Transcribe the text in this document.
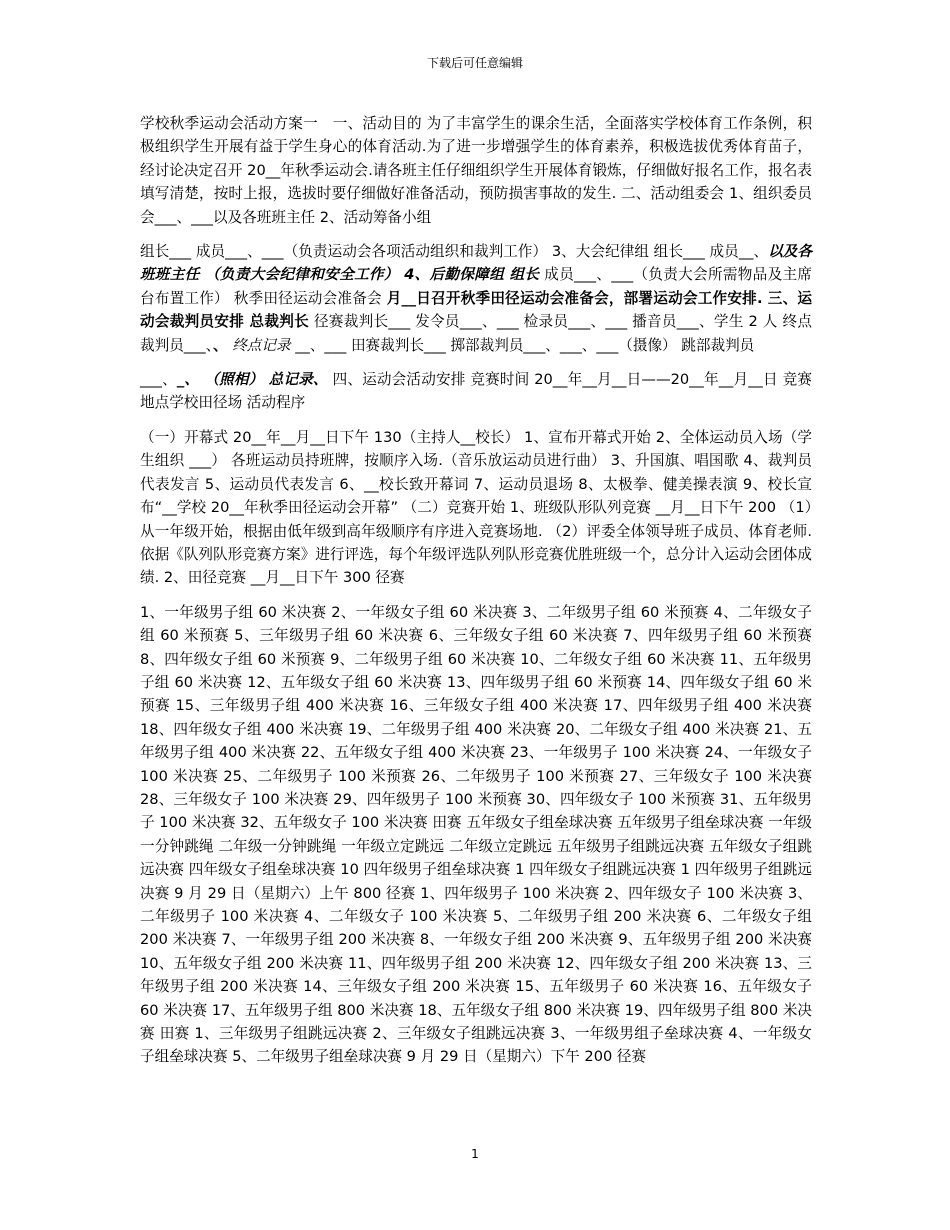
下载后可任意编辑

学校秋季运动会活动方案一　一、活动目的 为了丰富学生的课余生活，全面落实学校体育工作条例，积极组织学生开展有益于学生身心的体育活动.为了进一步增强学生的体育素养，积极选拔优秀体育苗子，经讨论决定召开 20__年秋季运动会.请各班主任仔细组织学生开展体育锻炼，仔细做好报名工作，报名表填写清楚，按时上报，选拔时要仔细做好准备活动，预防损害事故的发生. 二、活动组委会 1、组织委员会___、___以及各班班主任 2、活动筹备小组

组长___ 成员___、___（负责运动会各项活动组织和裁判工作） 3、大会纪律组 组长___ 成员__、以及各班班主任 （负责大会纪律和安全工作） 4、后勤保障组 组长 成员___、___（负责大会所需物品及主席台布置工作） 秋季田径运动会准备会 月__日召开秋季田径运动会准备会，部署运动会工作安排. 三、运动会裁判员安排 总裁判长 径赛裁判长___ 发令员___、___ 检录员___、___ 播音员___、学生 2 人 终点裁判员___、、 终点记录 __、___ 田赛裁判长___ 掷部裁判员___、___、___（摄像） 跳部裁判员

___、_、 （照相） 总记录、 四、运动会活动安排 竞赛时间 20__年__月__日——20__年__月__日 竞赛地点学校田径场 活动程序

（一）开幕式 20__年__月__日下午 130（主持人__校长） 1、宣布开幕式开始 2、全体运动员入场（学生组织 ___） 各班运动员持班牌，按顺序入场.（音乐放运动员进行曲） 3、升国旗、唱国歌 4、裁判员代表发言 5、运动员代表发言 6、__校长致开幕词 7、运动员退场 8、太极拳、健美操表演 9、校长宣布“__学校 20__年秋季田径运动会开幕” （二）竞赛开始 1、班级队形队列竞赛 __月__日下午 200 （1）从一年级开始，根据由低年级到高年级顺序有序进入竞赛场地. （2）评委全体领导班子成员、体育老师.依据《队列队形竞赛方案》进行评选，每个年级评选队列队形竞赛优胜班级一个，总分计入运动会团体成绩. 2、田径竞赛 __月__日下午 300 径赛

1、一年级男子组 60 米决赛 2、一年级女子组 60 米决赛 3、二年级男子组 60 米预赛 4、二年级女子组 60 米预赛 5、三年级男子组 60 米决赛 6、三年级女子组 60 米决赛 7、四年级男子组 60 米预赛 8、四年级女子组 60 米预赛 9、二年级男子组 60 米决赛 10、二年级女子组 60 米决赛 11、五年级男子组 60 米决赛 12、五年级女子组 60 米决赛 13、四年级男子组 60 米预赛 14、四年级女子组 60 米预赛 15、三年级男子组 400 米决赛 16、三年级女子组 400 米决赛 17、四年级男子组 400 米决赛 18、四年级女子组 400 米决赛 19、二年级男子组 400 米决赛 20、二年级女子组 400 米决赛 21、五年级男子组 400 米决赛 22、五年级女子组 400 米决赛 23、一年级男子 100 米决赛 24、一年级女子 100 米决赛 25、二年级男子 100 米预赛 26、二年级男子 100 米预赛 27、三年级女子 100 米决赛 28、三年级女子 100 米决赛 29、四年级男子 100 米预赛 30、四年级女子 100 米预赛 31、五年级男子 100 米决赛 32、五年级女子 100 米决赛 田赛 五年级女子组垒球决赛 五年级男子组垒球决赛 一年级一分钟跳绳 二年级一分钟跳绳 一年级立定跳远 二年级立定跳远 五年级男子组跳远决赛 五年级女子组跳远决赛 四年级女子组垒球决赛 10 四年级男子组垒球决赛 1 四年级女子组跳远决赛 1 四年级男子组跳远决赛 9 月 29 日（星期六）上午 800 径赛 1、四年级男子 100 米决赛 2、四年级女子 100 米决赛 3、二年级男子 100 米决赛 4、二年级女子 100 米决赛 5、二年级男子组 200 米决赛 6、二年级女子组 200 米决赛 7、一年级男子组 200 米决赛 8、一年级女子组 200 米决赛 9、五年级男子组 200 米决赛 10、五年级女子组 200 米决赛 11、四年级男子组 200 米决赛 12、四年级女子组 200 米决赛 13、三年级男子组 200 米决赛 14、三年级女子组 200 米决赛 15、五年级男子 60 米决赛 16、五年级女子 60 米决赛 17、五年级男子组 800 米决赛 18、五年级女子组 800 米决赛 19、四年级男子组 800 米决赛 田赛 1、三年级男子组跳远决赛 2、三年级女子组跳远决赛 3、一年级男组子垒球决赛 4、一年级女子组垒球决赛 5、二年级男子组垒球决赛 9 月 29 日（星期六）下午 200 径赛

1
